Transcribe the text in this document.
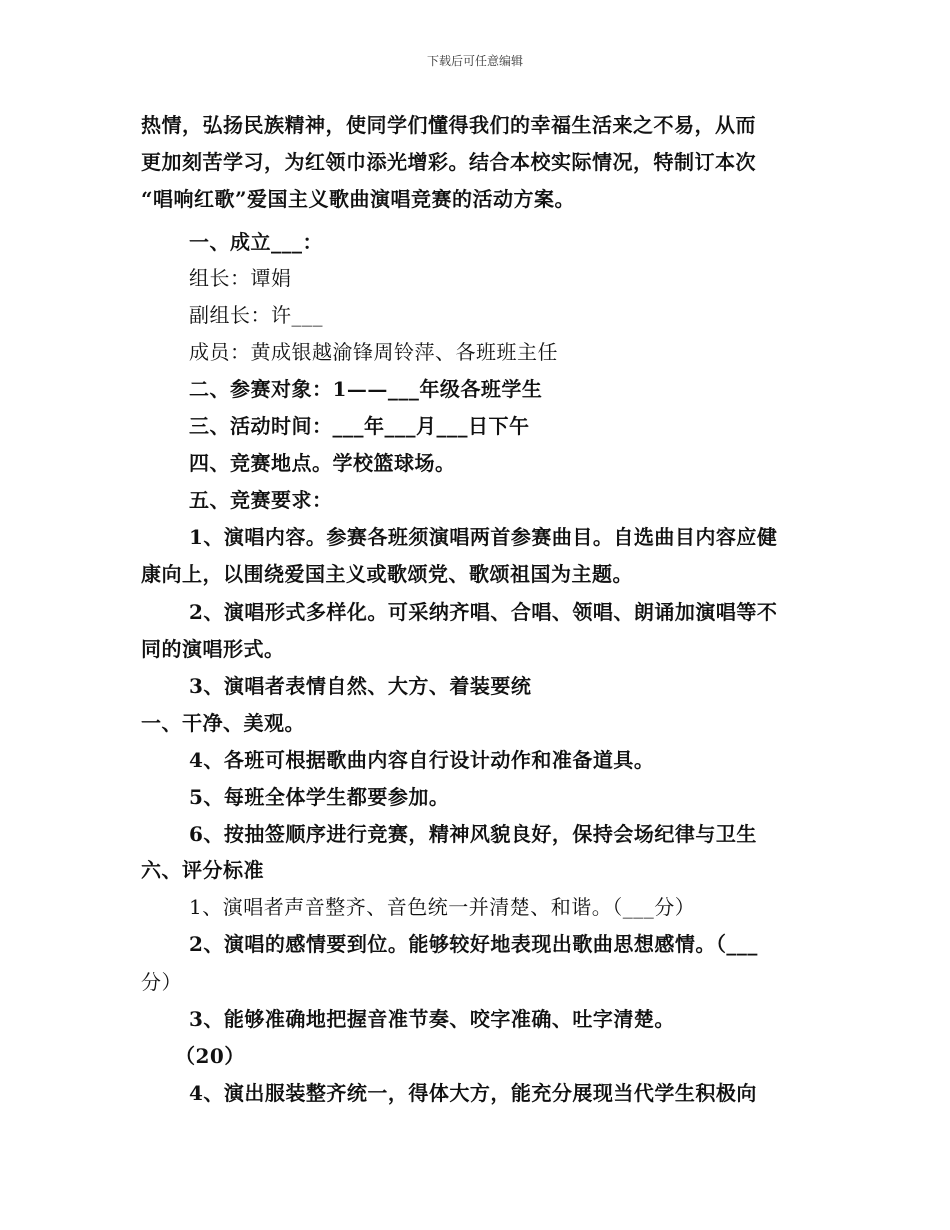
下载后可任意编辑
热情，弘扬民族精神，使同学们懂得我们的幸福生活来之不易，从而
更加刻苦学习，为红领巾添光增彩。结合本校实际情况，特制订本次
“唱响红歌”爱国主义歌曲演唱竞赛的活动方案。
一、成立___：
组长：谭娟
副组长：许___
成员：黄成银越渝锋周铃萍、各班班主任
二、参赛对象：1——___年级各班学生
三、活动时间：___年___月___日下午
四、竞赛地点。学校篮球场。
五、竞赛要求：
1、演唱内容。参赛各班须演唱两首参赛曲目。自选曲目内容应健
康向上，以围绕爱国主义或歌颂党、歌颂祖国为主题。
2、演唱形式多样化。可采纳齐唱、合唱、领唱、朗诵加演唱等不
同的演唱形式。
3、演唱者表情自然、大方、着装要统
一、干净、美观。
4、各班可根据歌曲内容自行设计动作和准备道具。
5、每班全体学生都要参加。
6、按抽签顺序进行竞赛，精神风貌良好，保持会场纪律与卫生
六、评分标准
1、演唱者声音整齐、音色统一并清楚、和谐。（___分）
2、演唱的感情要到位。能够较好地表现出歌曲思想感情。（___
分）
3、能够准确地把握音准节奏、咬字准确、吐字清楚。
（20）
4、演出服装整齐统一，得体大方，能充分展现当代学生积极向
